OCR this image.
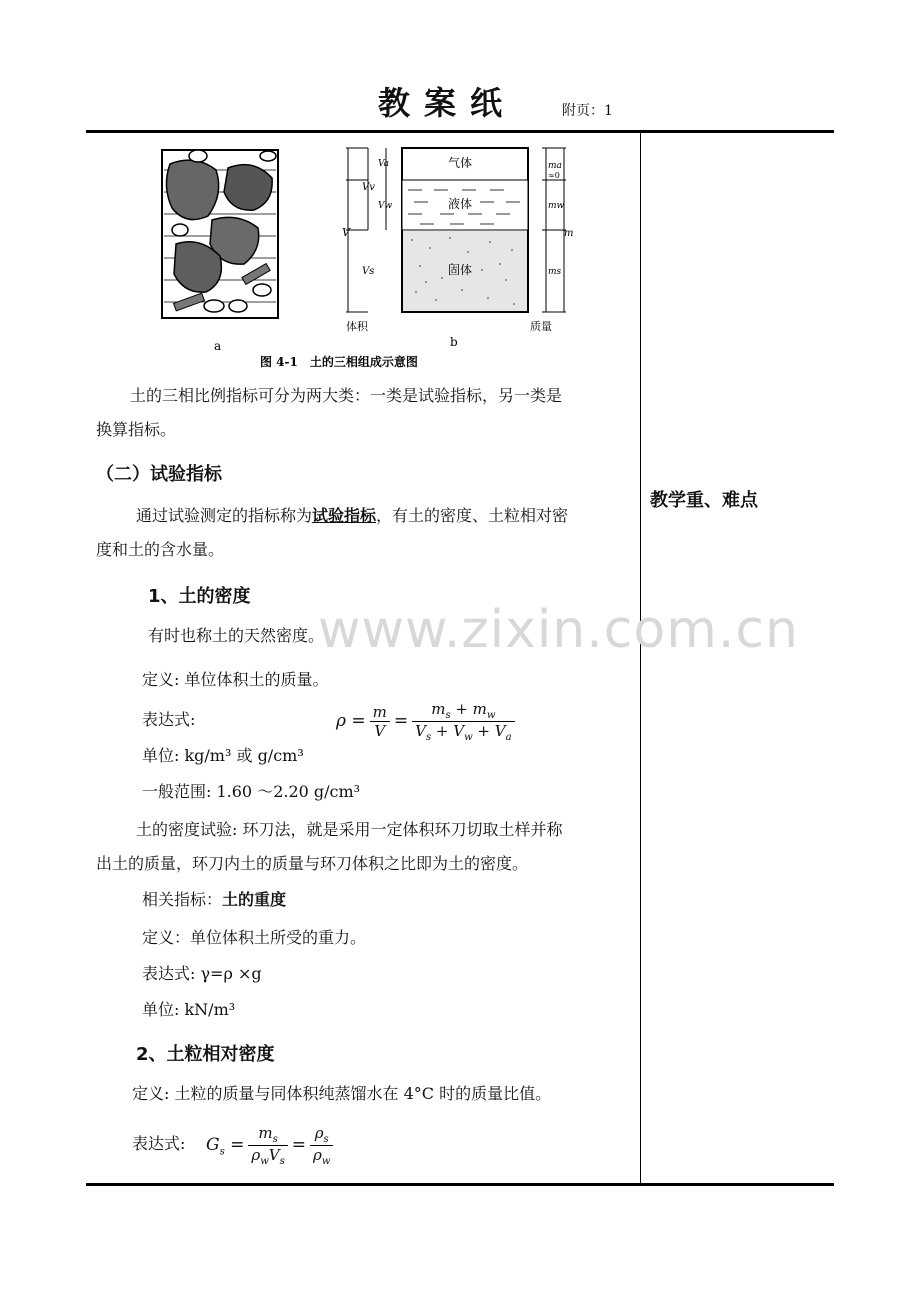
教案纸	附页：1
教学重、难点
a
气体
液体
固体
V
Vv
Va
Vw
Vs
ma
≈0
mw
ms
m
体积	质量
b
图 4-1　土的三相组成示意图
土的三相比例指标可分为两大类：一类是试验指标，另一类是
换算指标。
（二）试验指标
通过试验测定的指标称为试验指标，有土的密度、土粒相对密
度和土的含水量。
1、土的密度
有时也称土的天然密度。
定义: 单位体积土的质量。
表达式:	$\rho = \frac{m}{V} = \frac{m_s + m_w}{V_s + V_w + V_a}$
单位: kg/m³ 或 g/cm³
一般范围: 1.60 ～2.20 g/cm³
土的密度试验: 环刀法，就是采用一定体积环刀切取土样并称
出土的质量，环刀内土的质量与环刀体积之比即为土的密度。
相关指标：土的重度
定义：单位体积土所受的重力。
表达式: γ=ρ ×g
单位: kN/m³
2、土粒相对密度
定义: 土粒的质量与同体积纯蒸馏水在 4°C 时的质量比值。
表达式: $G_s = \frac{m_s}{\rho_wV_s} = \frac{\rho_s}{\rho_w}$
www.zixin.com.cn
